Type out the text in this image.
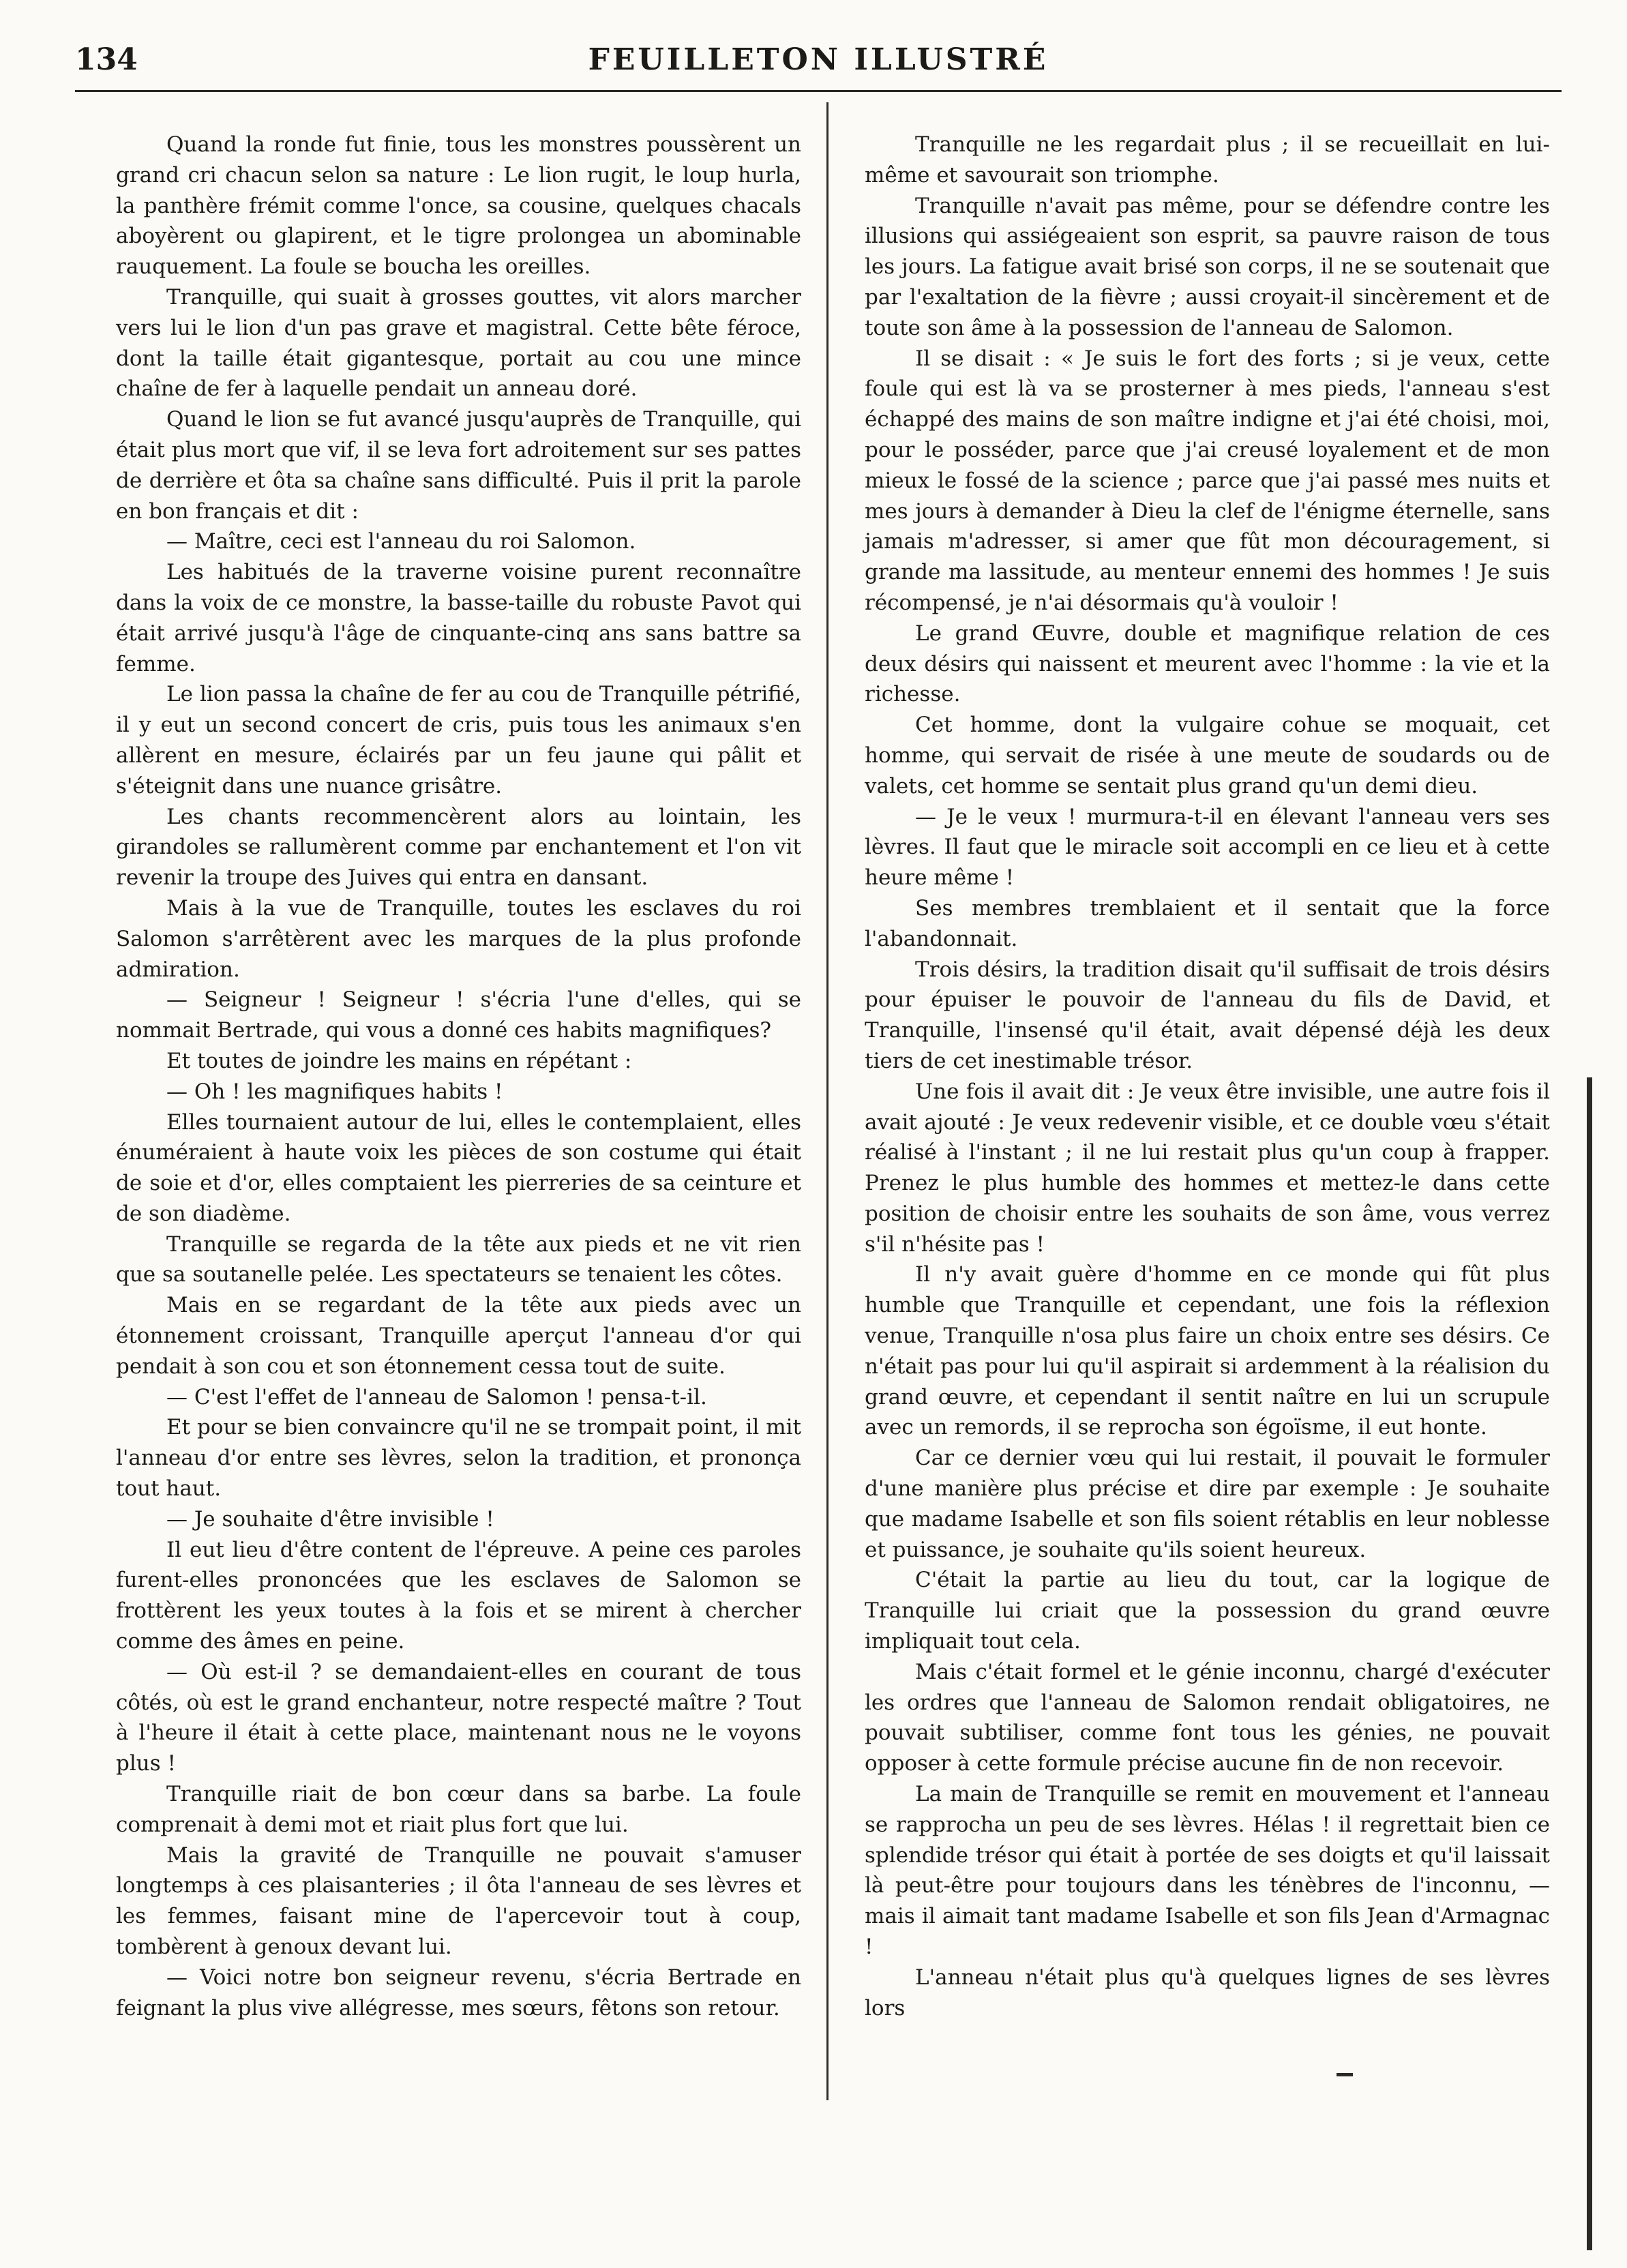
134	FEUILLETON ILLUSTRÉ

Quand la ronde fut finie, tous les monstres poussèrent un grand cri chacun selon sa nature : Le lion rugit, le loup hurla, la panthère frémit comme l'once, sa cousine, quelques chacals aboyèrent ou glapirent, et le tigre prolongea un abominable rauquement. La foule se boucha les oreilles.

Tranquille, qui suait à grosses gouttes, vit alors marcher vers lui le lion d'un pas grave et magistral. Cette bête féroce, dont la taille était gigantesque, portait au cou une mince chaîne de fer à laquelle pendait un anneau doré.

Quand le lion se fut avancé jusqu'auprès de Tranquille, qui était plus mort que vif, il se leva fort adroitement sur ses pattes de derrière et ôta sa chaîne sans difficulté. Puis il prit la parole en bon français et dit :

— Maître, ceci est l'anneau du roi Salomon.

Les habitués de la traverne voisine purent reconnaître dans la voix de ce monstre, la basse-taille du robuste Pavot qui était arrivé jusqu'à l'âge de cinquante-cinq ans sans battre sa femme.

Le lion passa la chaîne de fer au cou de Tranquille pétrifié, il y eut un second concert de cris, puis tous les animaux s'en allèrent en mesure, éclairés par un feu jaune qui pâlit et s'éteignit dans une nuance grisâtre.

Les chants recommencèrent alors au lointain, les girandoles se rallumèrent comme par enchantement et l'on vit revenir la troupe des Juives qui entra en dansant.

Mais à la vue de Tranquille, toutes les esclaves du roi Salomon s'arrêtèrent avec les marques de la plus profonde admiration.

— Seigneur ! Seigneur ! s'écria l'une d'elles, qui se nommait Bertrade, qui vous a donné ces habits magnifiques?

Et toutes de joindre les mains en répétant :

— Oh ! les magnifiques habits !

Elles tournaient autour de lui, elles le contemplaient, elles énuméraient à haute voix les pièces de son costume qui était de soie et d'or, elles comptaient les pierreries de sa ceinture et de son diadème.

Tranquille se regarda de la tête aux pieds et ne vit rien que sa soutanelle pelée. Les spectateurs se tenaient les côtes.

Mais en se regardant de la tête aux pieds avec un étonnement croissant, Tranquille aperçut l'anneau d'or qui pendait à son cou et son étonnement cessa tout de suite.

— C'est l'effet de l'anneau de Salomon ! pensa-t-il.

Et pour se bien convaincre qu'il ne se trompait point, il mit l'anneau d'or entre ses lèvres, selon la tradition, et prononça tout haut.

— Je souhaite d'être invisible !

Il eut lieu d'être content de l'épreuve. A peine ces paroles furent-elles prononcées que les esclaves de Salomon se frottèrent les yeux toutes à la fois et se mirent à chercher comme des âmes en peine.

— Où est-il ? se demandaient-elles en courant de tous côtés, où est le grand enchanteur, notre respecté maître ? Tout à l'heure il était à cette place, maintenant nous ne le voyons plus !

Tranquille riait de bon cœur dans sa barbe. La foule comprenait à demi mot et riait plus fort que lui.

Mais la gravité de Tranquille ne pouvait s'amuser longtemps à ces plaisanteries ; il ôta l'anneau de ses lèvres et les femmes, faisant mine de l'apercevoir tout à coup, tombèrent à genoux devant lui.

— Voici notre bon seigneur revenu, s'écria Bertrade en feignant la plus vive allégresse, mes sœurs, fêtons son retour.

Tranquille ne les regardait plus ; il se recueillait en lui-même et savourait son triomphe.

Tranquille n'avait pas même, pour se défendre contre les illusions qui assiégeaient son esprit, sa pauvre raison de tous les jours. La fatigue avait brisé son corps, il ne se soutenait que par l'exaltation de la fièvre ; aussi croyait-il sincèrement et de toute son âme à la possession de l'anneau de Salomon.

Il se disait : « Je suis le fort des forts ; si je veux, cette foule qui est là va se prosterner à mes pieds, l'anneau s'est échappé des mains de son maître indigne et j'ai été choisi, moi, pour le posséder, parce que j'ai creusé loyalement et de mon mieux le fossé de la science ; parce que j'ai passé mes nuits et mes jours à demander à Dieu la clef de l'énigme éternelle, sans jamais m'adresser, si amer que fût mon découragement, si grande ma lassitude, au menteur ennemi des hommes ! Je suis récompensé, je n'ai désormais qu'à vouloir !

Le grand Œuvre, double et magnifique relation de ces deux désirs qui naissent et meurent avec l'homme : la vie et la richesse.

Cet homme, dont la vulgaire cohue se moquait, cet homme, qui servait de risée à une meute de soudards ou de valets, cet homme se sentait plus grand qu'un demi dieu.

— Je le veux ! murmura-t-il en élevant l'anneau vers ses lèvres. Il faut que le miracle soit accompli en ce lieu et à cette heure même !

Ses membres tremblaient et il sentait que la force l'abandonnait.

Trois désirs, la tradition disait qu'il suffisait de trois désirs pour épuiser le pouvoir de l'anneau du fils de David, et Tranquille, l'insensé qu'il était, avait dépensé déjà les deux tiers de cet inestimable trésor.

Une fois il avait dit : Je veux être invisible, une autre fois il avait ajouté : Je veux redevenir visible, et ce double vœu s'était réalisé à l'instant ; il ne lui restait plus qu'un coup à frapper. Prenez le plus humble des hommes et mettez-le dans cette position de choisir entre les souhaits de son âme, vous verrez s'il n'hésite pas !

Il n'y avait guère d'homme en ce monde qui fût plus humble que Tranquille et cependant, une fois la réflexion venue, Tranquille n'osa plus faire un choix entre ses désirs. Ce n'était pas pour lui qu'il aspirait si ardemment à la réalision du grand œuvre, et cependant il sentit naître en lui un scrupule avec un remords, il se reprocha son égoïsme, il eut honte.

Car ce dernier vœu qui lui restait, il pouvait le formuler d'une manière plus précise et dire par exemple : Je souhaite que madame Isabelle et son fils soient rétablis en leur noblesse et puissance, je souhaite qu'ils soient heureux.

C'était la partie au lieu du tout, car la logique de Tranquille lui criait que la possession du grand œuvre impliquait tout cela.

Mais c'était formel et le génie inconnu, chargé d'exécuter les ordres que l'anneau de Salomon rendait obligatoires, ne pouvait subtiliser, comme font tous les génies, ne pouvait opposer à cette formule précise aucune fin de non recevoir.

La main de Tranquille se remit en mouvement et l'anneau se rapprocha un peu de ses lèvres. Hélas ! il regrettait bien ce splendide trésor qui était à portée de ses doigts et qu'il laissait là peut-être pour toujours dans les ténèbres de l'inconnu, — mais il aimait tant madame Isabelle et son fils Jean d'Armagnac !

L'anneau n'était plus qu'à quelques lignes de ses lèvres lors
